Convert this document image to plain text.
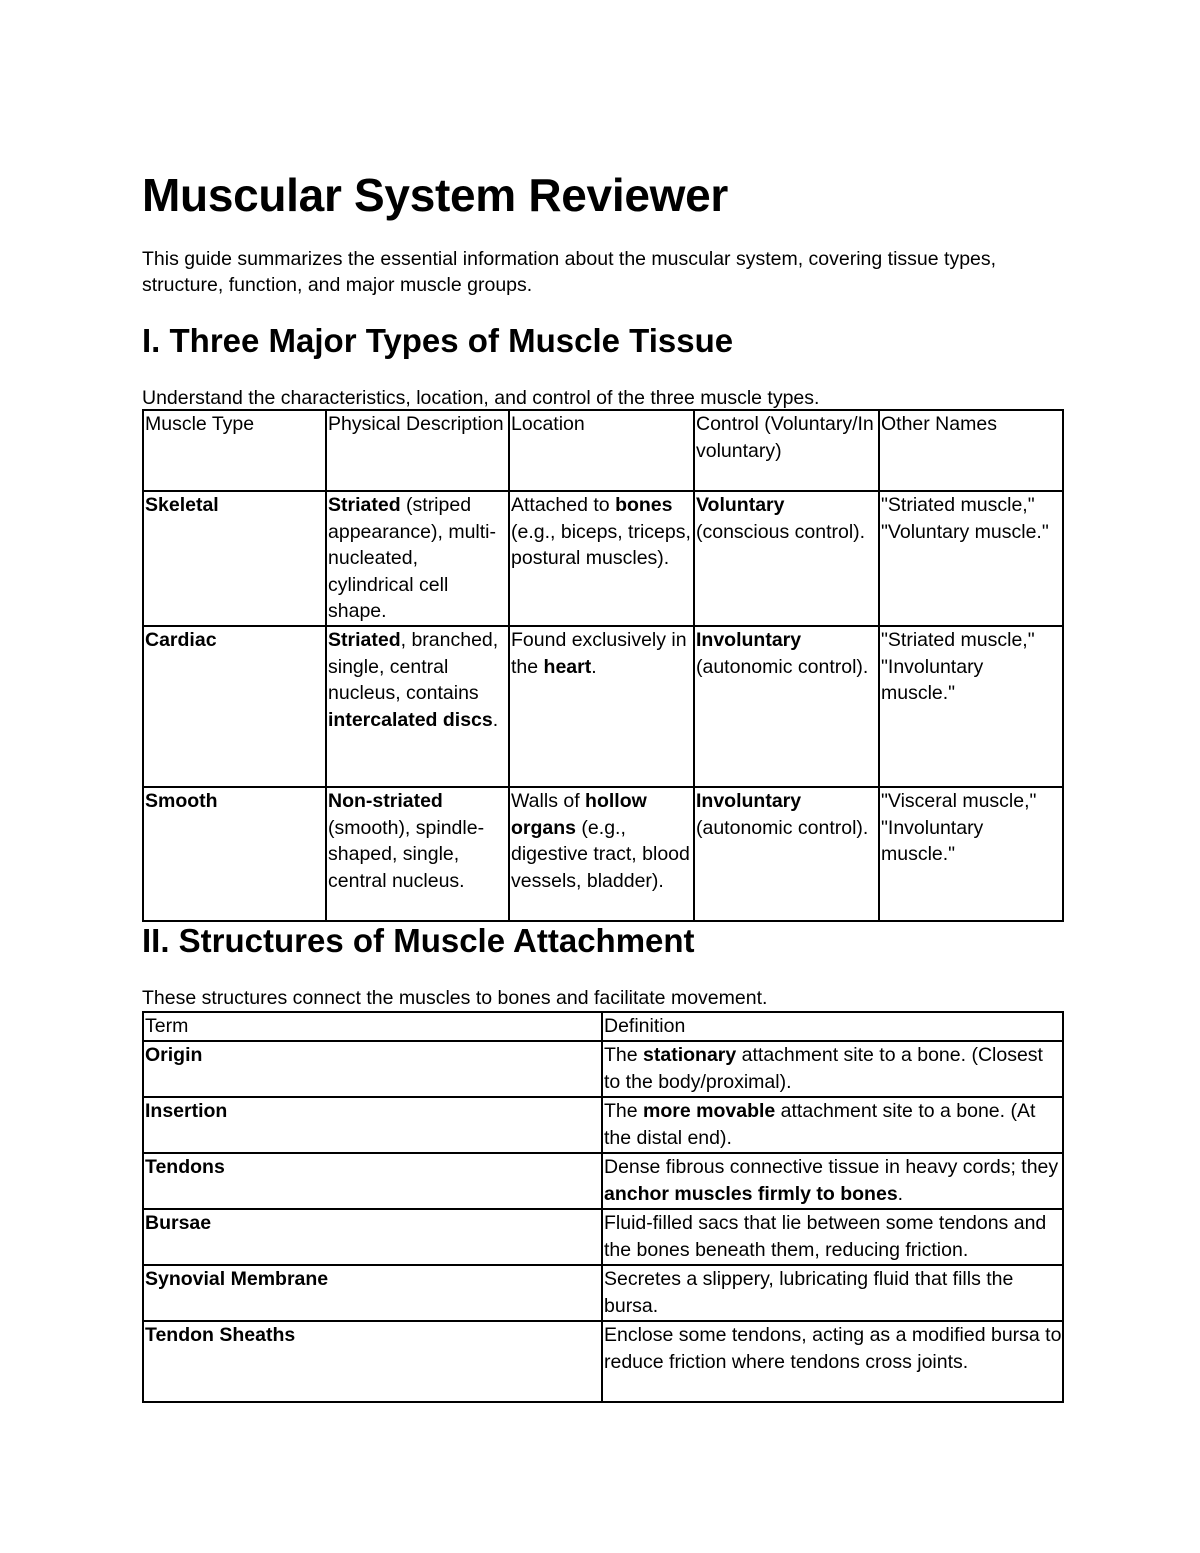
Muscular System Reviewer

This guide summarizes the essential information about the muscular system, covering tissue types, structure, function, and major muscle groups.

I. Three Major Types of Muscle Tissue

Understand the characteristics, location, and control of the three muscle types.

Muscle Type	Physical Description	Location	Control (Voluntary/Involuntary)	Other Names
Skeletal	Striated (striped appearance), multi-nucleated, cylindrical cell shape.	Attached to bones (e.g., biceps, triceps, postural muscles).	Voluntary (conscious control).	"Striated muscle," "Voluntary muscle."
Cardiac	Striated, branched, single, central nucleus, contains intercalated discs.	Found exclusively in the heart.	Involuntary (autonomic control).	"Striated muscle," "Involuntary muscle."
Smooth	Non-striated (smooth), spindle-shaped, single, central nucleus.	Walls of hollow organs (e.g., digestive tract, blood vessels, bladder).	Involuntary (autonomic control).	"Visceral muscle," "Involuntary muscle."
II. Structures of Muscle Attachment

These structures connect the muscles to bones and facilitate movement.

Term	Definition
Origin	The stationary attachment site to a bone. (Closest to the body/proximal).
Insertion	The more movable attachment site to a bone. (At the distal end).
Tendons	Dense fibrous connective tissue in heavy cords; they anchor muscles firmly to bones.
Bursae	Fluid-filled sacs that lie between some tendons and the bones beneath them, reducing friction.
Synovial Membrane	Secretes a slippery, lubricating fluid that fills the bursa.
Tendon Sheaths	Enclose some tendons, acting as a modified bursa to reduce friction where tendons cross joints.
